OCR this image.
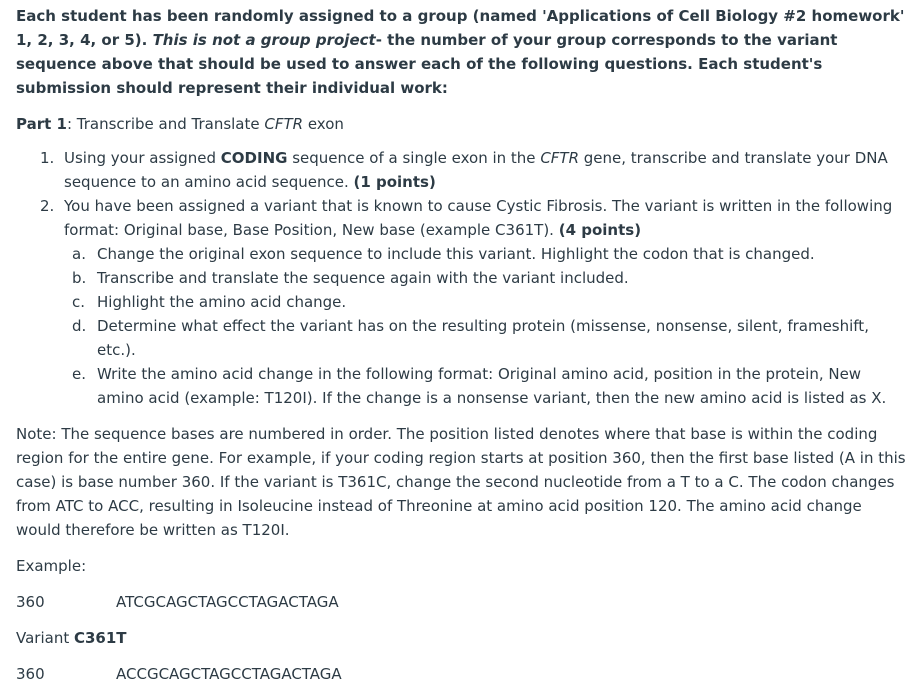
Each student has been randomly assigned to a group (named 'Applications of Cell Biology #2 homework' 1, 2, 3, 4, or 5). This is not a group project- the number of your group corresponds to the variant sequence above that should be used to answer each of the following questions. Each student's submission should represent their individual work:

Part 1: Transcribe and Translate CFTR exon

1. Using your assigned CODING sequence of a single exon in the CFTR gene, transcribe and translate your DNA sequence to an amino acid sequence. (1 points)
2. You have been assigned a variant that is known to cause Cystic Fibrosis. The variant is written in the following format: Original base, Base Position, New base (example C361T). (4 points)
a. Change the original exon sequence to include this variant. Highlight the codon that is changed.
b. Transcribe and translate the sequence again with the variant included.
c. Highlight the amino acid change.
d. Determine what effect the variant has on the resulting protein (missense, nonsense, silent, frameshift, etc.).
e. Write the amino acid change in the following format: Original amino acid, position in the protein, New amino acid (example: T120I). If the change is a nonsense variant, then the new amino acid is listed as X.

Note: The sequence bases are numbered in order. The position listed denotes where that base is within the coding region for the entire gene. For example, if your coding region starts at position 360, then the first base listed (A in this case) is base number 360. If the variant is T361C, change the second nucleotide from a T to a C. The codon changes from ATC to ACC, resulting in Isoleucine instead of Threonine at amino acid position 120. The amino acid change would therefore be written as T120I.

Example:

360	ATCGCAGCTAGCCTAGACTAGA

Variant C361T

360	ACCGCAGCTAGCCTAGACTAGA
